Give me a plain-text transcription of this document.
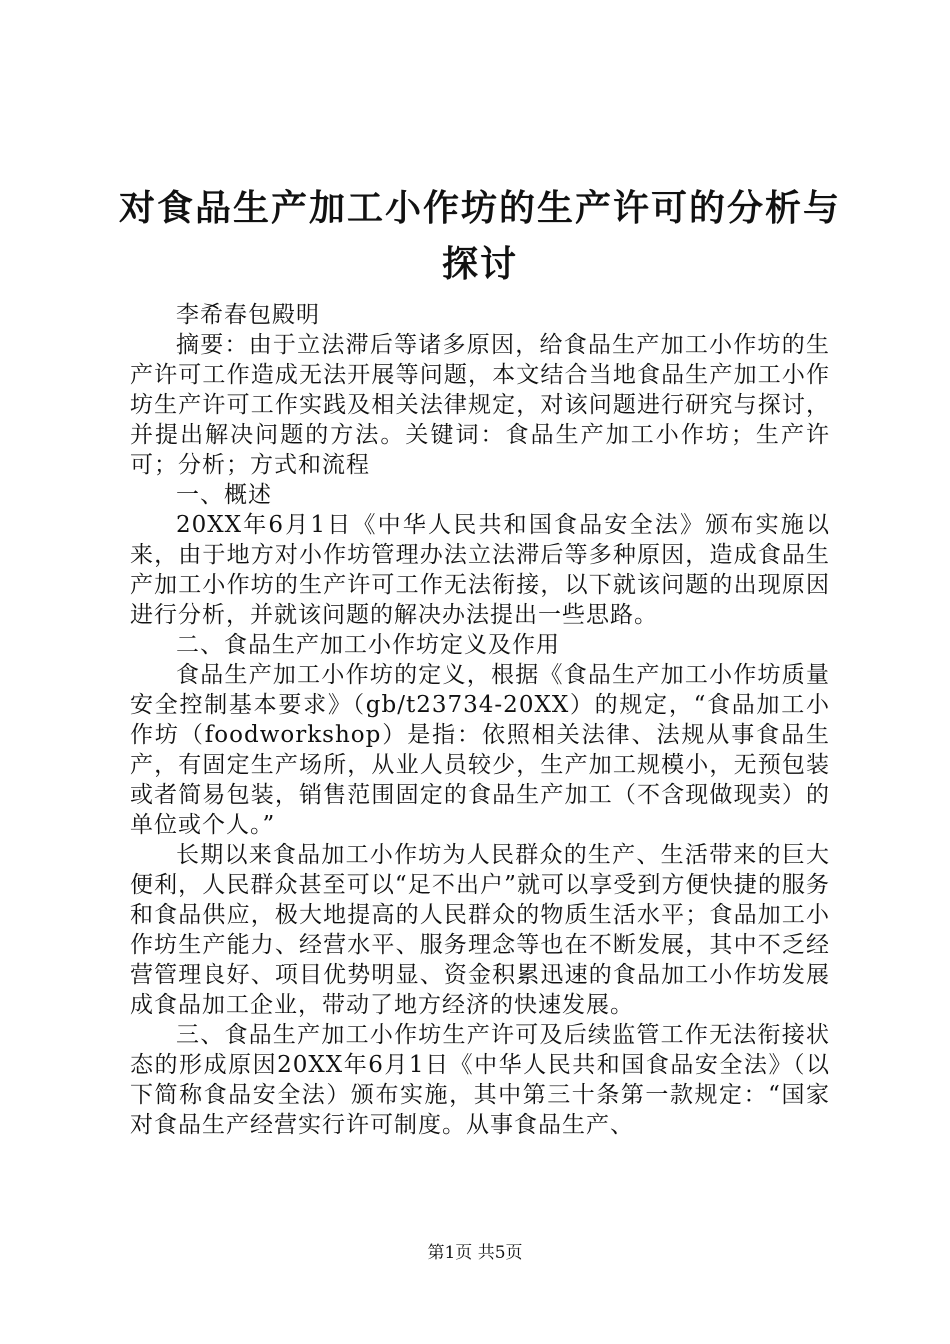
对食品生产加工小作坊的生产许可的分析与探讨

李希春包殿明

摘要：由于立法滞后等诸多原因，给食品生产加工小作坊的生产许可工作造成无法开展等问题，本文结合当地食品生产加工小作坊生产许可工作实践及相关法律规定，对该问题进行研究与探讨，并提出解决问题的方法。关键词：食品生产加工小作坊；生产许可；分析；方式和流程

一、概述

20XX年6月1日《中华人民共和国食品安全法》颁布实施以来，由于地方对小作坊管理办法立法滞后等多种原因，造成食品生产加工小作坊的生产许可工作无法衔接，以下就该问题的出现原因进行分析，并就该问题的解决办法提出一些思路。

二、食品生产加工小作坊定义及作用

食品生产加工小作坊的定义，根据《食品生产加工小作坊质量安全控制基本要求》（gb/t23734-20XX）的规定，“食品加工小作坊（foodworkshop）是指：依照相关法律、法规从事食品生产，有固定生产场所，从业人员较少，生产加工规模小，无预包装或者简易包装，销售范围固定的食品生产加工（不含现做现卖）的单位或个人。”

长期以来食品加工小作坊为人民群众的生产、生活带来的巨大便利，人民群众甚至可以“足不出户”就可以享受到方便快捷的服务和食品供应，极大地提高的人民群众的物质生活水平；食品加工小作坊生产能力、经营水平、服务理念等也在不断发展，其中不乏经营管理良好、项目优势明显、资金积累迅速的食品加工小作坊发展成食品加工企业，带动了地方经济的快速发展。

三、食品生产加工小作坊生产许可及后续监管工作无法衔接状态的形成原因20XX年6月1日《中华人民共和国食品安全法》（以下简称食品安全法）颁布实施，其中第三十条第一款规定：“国家对食品生产经营实行许可制度。从事食品生产、

第1页 共5页
